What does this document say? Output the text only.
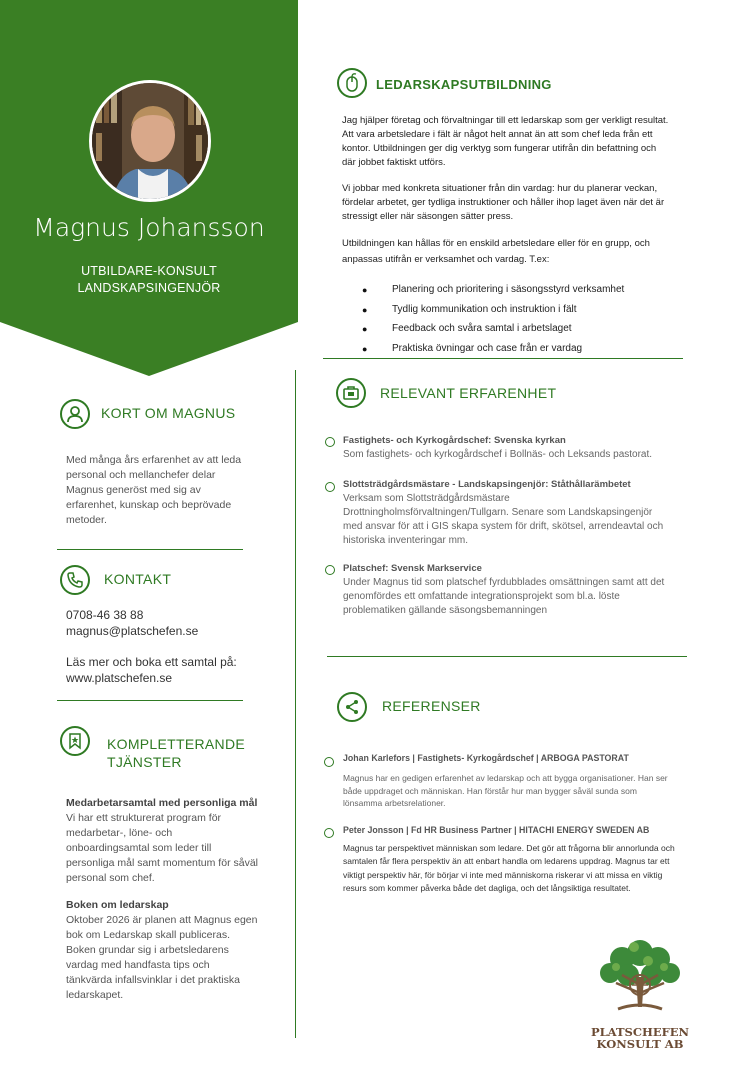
Magnus Johansson
UTBILDARE-KONSULT
LANDSKAPSINGENJÖR
KORT OM MAGNUS
Med många års erfarenhet av att leda personal och mellanchefer delar Magnus generöst med sig av erfarenhet, kunskap och beprövade metoder.
KONTAKT
0708-46 38 88
magnus@platschefen.se
Läs mer och boka ett samtal på:
www.platschefen.se
KOMPLETTERANDE
TJÄNSTER
Medarbetarsamtal med personliga mål
Vi har ett strukturerat program för medarbetar-, löne- och onboardingsamtal som leder till personliga mål samt momentum för såväl personal som chef.
Boken om ledarskap
Oktober 2026 är planen att Magnus egen bok om Ledarskap skall publiceras. Boken grundar sig i arbetsledarens vardag med handfasta tips och tänkvärda infallsvinklar i det praktiska ledarskapet.
LEDARSKAPSUTBILDNING
Jag hjälper företag och förvaltningar till ett ledarskap som ger verkligt resultat. Att vara arbetsledare i fält är något helt annat än att som chef leda från ett kontor. Utbildningen ger dig verktyg som fungerar utifrån din befattning och där jobbet faktiskt utförs.
Vi jobbar med konkreta situationer från din vardag: hur du planerar veckan, fördelar arbetet, ger tydliga instruktioner och håller ihop laget även när det är stressigt eller när säsongen sätter press.
Utbildningen kan hållas för en enskild arbetsledare eller för en grupp, och anpassas utifrån er verksamhet och vardag. T.ex:
● Planering och prioritering i säsongsstyrd verksamhet
● Tydlig kommunikation och instruktion i fält
● Feedback och svåra samtal i arbetslaget
● Praktiska övningar och case från er vardag
RELEVANT ERFARENHET
Fastighets- och Kyrkogårdschef: Svenska kyrkan
Som fastighets- och kyrkogårdschef i Bollnäs- och Leksands pastorat.
Slottsträdgårdsmästare - Landskapsingenjör: Ståthållarämbetet
Verksam som Slottsträdgårdsmästare Drottningholmsförvaltningen/Tullgarn. Senare som Landskapsingenjör med ansvar för att i GIS skapa system för drift, skötsel, arrendeavtal och historiska inventeringar mm.
Platschef: Svensk Markservice
Under Magnus tid som platschef fyrdubblades omsättningen samt att det genomfördes ett omfattande integrationsprojekt som bl.a. löste problematiken gällande säsongsbemanningen
REFERENSER
Johan Karlefors | Fastighets- Kyrkogårdschef | ARBOGA PASTORAT
Magnus har en gedigen erfarenhet av ledarskap och att bygga organisationer. Han ser både uppdraget och människan. Han förstår hur man bygger såväl sunda som lönsamma arbetsrelationer.
Peter Jonsson | Fd HR Business Partner | HITACHI ENERGY SWEDEN AB
Magnus tar perspektivet människan som ledare. Det gör att frågorna blir annorlunda och samtalen får flera perspektiv än att enbart handla om ledarens uppdrag. Magnus tar ett viktigt perspektiv här, för börjar vi inte med människorna riskerar vi att missa en viktig resurs som kommer påverka både det dagliga, och det långsiktiga resultatet.
PLATSCHEFEN
KONSULT AB
